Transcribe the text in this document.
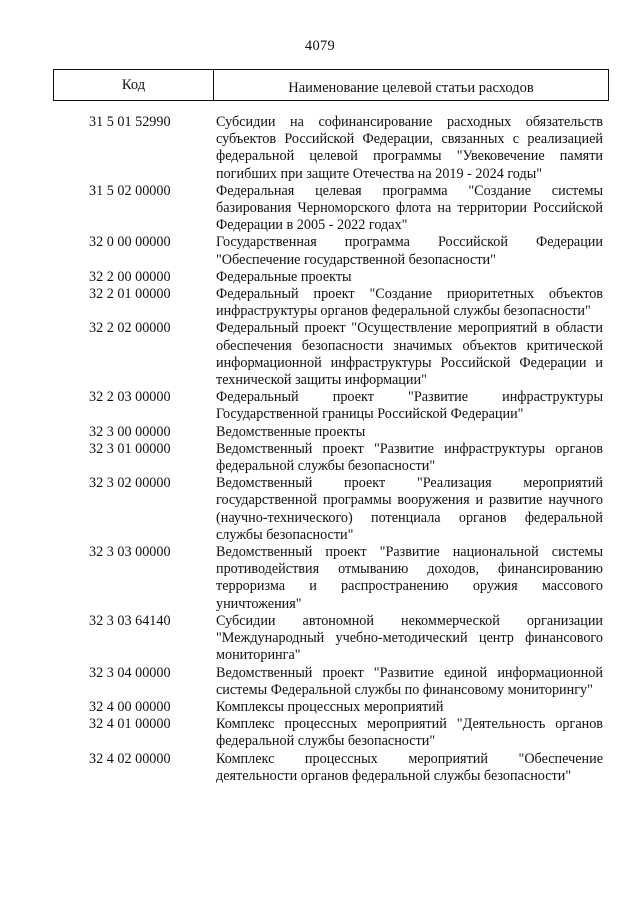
4079
Код	Наименование целевой статьи расходов
31 5 01 52990	Субсидии на софинансирование расходных обязательств субъектов Российской Федерации, связанных с реализацией федеральной целевой программы "Увековечение памяти погибших при защите Отечества на 2019 - 2024 годы"
31 5 02 00000	Федеральная целевая программа "Создание системы базирования Черноморского флота на территории Российской Федерации в 2005 - 2022 годах"
32 0 00 00000	Государственная программа Российской Федерации "Обеспечение государственной безопасности"
32 2 00 00000	Федеральные проекты
32 2 01 00000	Федеральный проект "Создание приоритетных объектов инфраструктуры органов федеральной службы безопасности"
32 2 02 00000	Федеральный проект "Осуществление мероприятий в области обеспечения безопасности значимых объектов критической информационной инфраструктуры Российской Федерации и технической защиты информации"
32 2 03 00000	Федеральный проект "Развитие инфраструктуры Государственной границы Российской Федерации"
32 3 00 00000	Ведомственные проекты
32 3 01 00000	Ведомственный проект "Развитие инфраструктуры органов федеральной службы безопасности"
32 3 02 00000	Ведомственный проект "Реализация мероприятий государственной программы вооружения и развитие научного (научно-технического) потенциала органов федеральной службы безопасности"
32 3 03 00000	Ведомственный проект "Развитие национальной системы противодействия отмыванию доходов, финансированию терроризма и распространению оружия массового уничтожения"
32 3 03 64140	Субсидии автономной некоммерческой организации "Международный учебно-методический центр финансового мониторинга"
32 3 04 00000	Ведомственный проект "Развитие единой информационной системы Федеральной службы по финансовому мониторингу"
32 4 00 00000	Комплексы процессных мероприятий
32 4 01 00000	Комплекс процессных мероприятий "Деятельность органов федеральной службы безопасности"
32 4 02 00000	Комплекс процессных мероприятий "Обеспечение деятельности органов федеральной службы безопасности"
